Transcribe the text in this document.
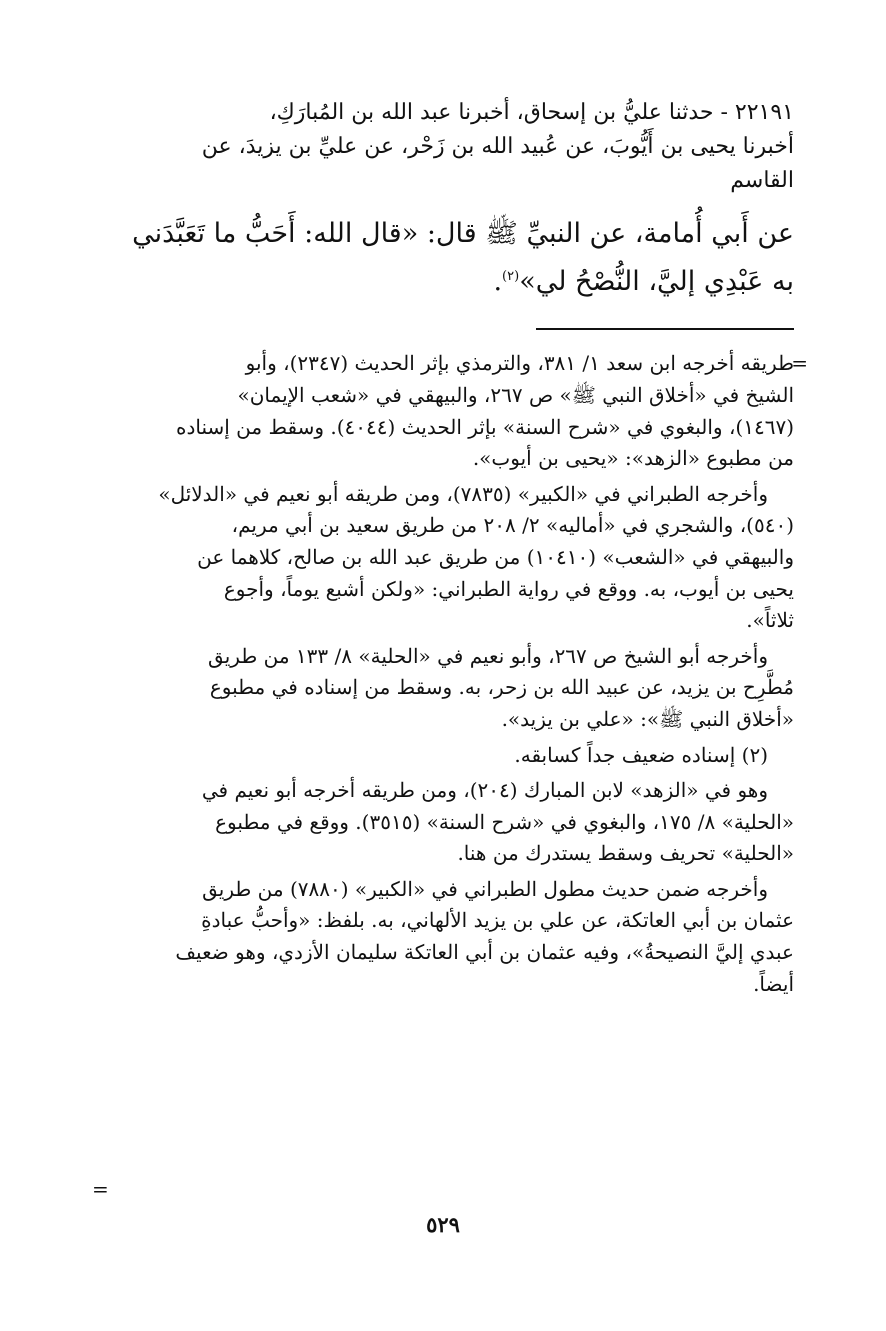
٢٢١٩١ - حدثنا عليُّ بن إسحاق، أخبرنا عبد الله بن المُبارَكِ،
أخبرنا يحيى بن أَيُّوبَ، عن عُبيد الله بن زَحْر، عن عليِّ بن يزيدَ، عن
القاسم

عن أَبي أُمامة، عن النبيِّ ﷺ قال: «قال الله: أَحَبُّ ما تَعَبَّدَني
به عَبْدِي إليَّ، النُّصْحُ لي»$^{(٢)}$.

=طريقه أخرجه ابن سعد ١/ ٣٨١، والترمذي بإثر الحديث (٢٣٤٧)، وأبو
الشيخ في «أخلاق النبي ﷺ» ص ٢٦٧، والبيهقي في «شعب الإيمان»
(١٤٦٧)، والبغوي في «شرح السنة» بإثر الحديث (٤٠٤٤). وسقط من إسناده
من مطبوع «الزهد»: «يحيى بن أيوب».

وأخرجه الطبراني في «الكبير» (٧٨٣٥)، ومن طريقه أبو نعيم في «الدلائل»
(٥٤٠)، والشجري في «أماليه» ٢/ ٢٠٨ من طريق سعيد بن أبي مريم،
والبيهقي في «الشعب» (١٠٤١٠) من طريق عبد الله بن صالح، كلاهما عن
يحيى بن أيوب، به. ووقع في رواية الطبراني: «ولكن أشبع يوماً، وأجوع
ثلاثاً».

وأخرجه أبو الشيخ ص ٢٦٧، وأبو نعيم في «الحلية» ٨/ ١٣٣ من طريق
مُطَّرِح بن يزيد، عن عبيد الله بن زحر، به. وسقط من إسناده في مطبوع
«أخلاق النبي ﷺ»: «علي بن يزيد».

(٢) إسناده ضعيف جداً كسابقه.

وهو في «الزهد» لابن المبارك (٢٠٤)، ومن طريقه أخرجه أبو نعيم في
«الحلية» ٨/ ١٧٥، والبغوي في «شرح السنة» (٣٥١٥). ووقع في مطبوع
«الحلية» تحريف وسقط يستدرك من هنا.

وأخرجه ضمن حديث مطول الطبراني في «الكبير» (٧٨٨٠) من طريق
عثمان بن أبي العاتكة، عن علي بن يزيد الألهاني، به. بلفظ: «وأحبُّ عبادةِ
عبدي إليَّ النصيحةُ»، وفيه عثمان بن أبي العاتكة سليمان الأزدي، وهو ضعيف
أيضاً.

=
٥٢٩
